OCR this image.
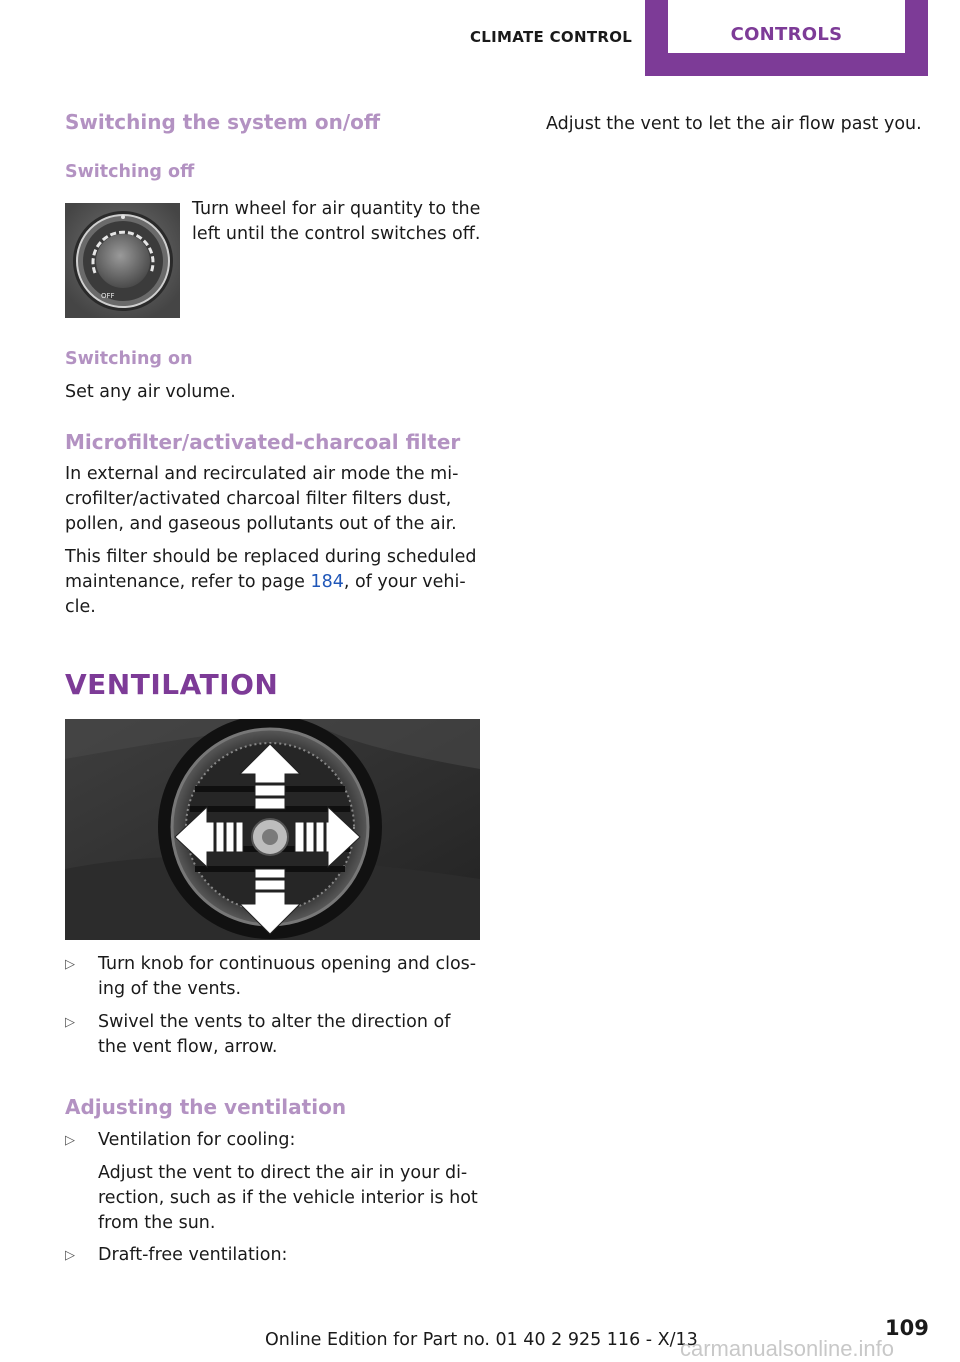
CLIMATE CONTROL	CONTROLS
Switching the system on/off
Switching off
OFF
Turn wheel for air quantity to the left until the control switches off.
Switching on
Set any air volume.
Microfilter/activated-charcoal filter
In external and recirculated air mode the mi-crofilter/activated charcoal filter filters dust, pollen, and gaseous pollutants out of the air.
This filter should be replaced during scheduled maintenance, refer to page 184, of your vehi-cle.
VENTILATION
▷ Turn knob for continuous opening and clos-ing of the vents.
▷ Swivel the vents to alter the direction of the vent flow, arrow.
Adjusting the ventilation
▷ Ventilation for cooling:
Adjust the vent to direct the air in your di-rection, such as if the vehicle interior is hot from the sun.
▷ Draft-free ventilation:
Adjust the vent to let the air flow past you.
Online Edition for Part no. 01 40 2 925 116 - X/13	109
carmanualsonline.info
